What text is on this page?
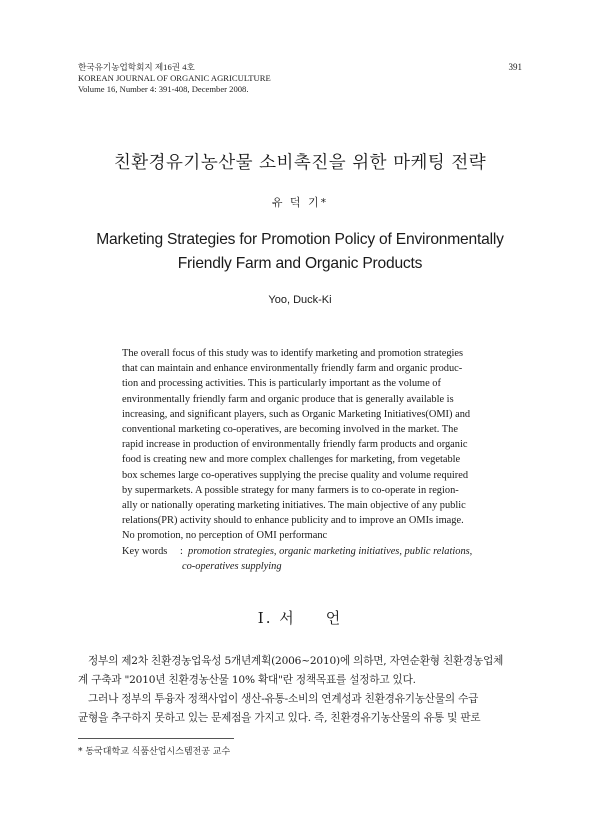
한국유기농업학회지 제16권 4호
KOREAN JOURNAL OF ORGANIC AGRICULTURE
Volume 16, Number 4: 391-408, December 2008.
391
친환경유기농산물 소비촉진을 위한 마케팅 전략
유 덕 기*
Marketing Strategies for Promotion Policy of Environmentally
Friendly Farm and Organic Products
Yoo, Duck-Ki
The overall focus of this study was to identify marketing and promotion strategies
that can maintain and enhance environmentally friendly farm and organic produc-
tion and processing activities. This is particularly important as the volume of
environmentally friendly farm and organic produce that is generally available is
increasing, and significant players, such as Organic Marketing Initiatives(OMI) and
conventional marketing co-operatives, are becoming involved in the market. The
rapid increase in production of environmentally friendly farm products and organic
food is creating new and more complex challenges for marketing, from vegetable
box schemes large co-operatives supplying the precise quality and volume required
by supermarkets. A possible strategy for many farmers is to co-operate in region-
ally or nationally operating marketing initiatives. The main objective of any public
relations(PR) activity should to enhance publicity and to improve an OMIs image.
No promotion, no perception of OMI performanc
Key words : promotion strategies, organic marketing initiatives, public relations,
co-operatives supplying
I. 서 언
정부의 제2차 친환경농업육성 5개년계획(2006~2010)에 의하면, 자연순환형 친환경농업체
계 구축과 "2010년 친환경농산물 10% 확대"란 정책목표를 설정하고 있다.
그러나 정부의 투융자 정책사업이 생산-유통-소비의 연계성과 친환경유기농산물의 수급
균형을 추구하지 못하고 있는 문제점을 가지고 있다. 즉, 친환경유기농산물의 유통 및 판로
* 동국대학교 식품산업시스템전공 교수
